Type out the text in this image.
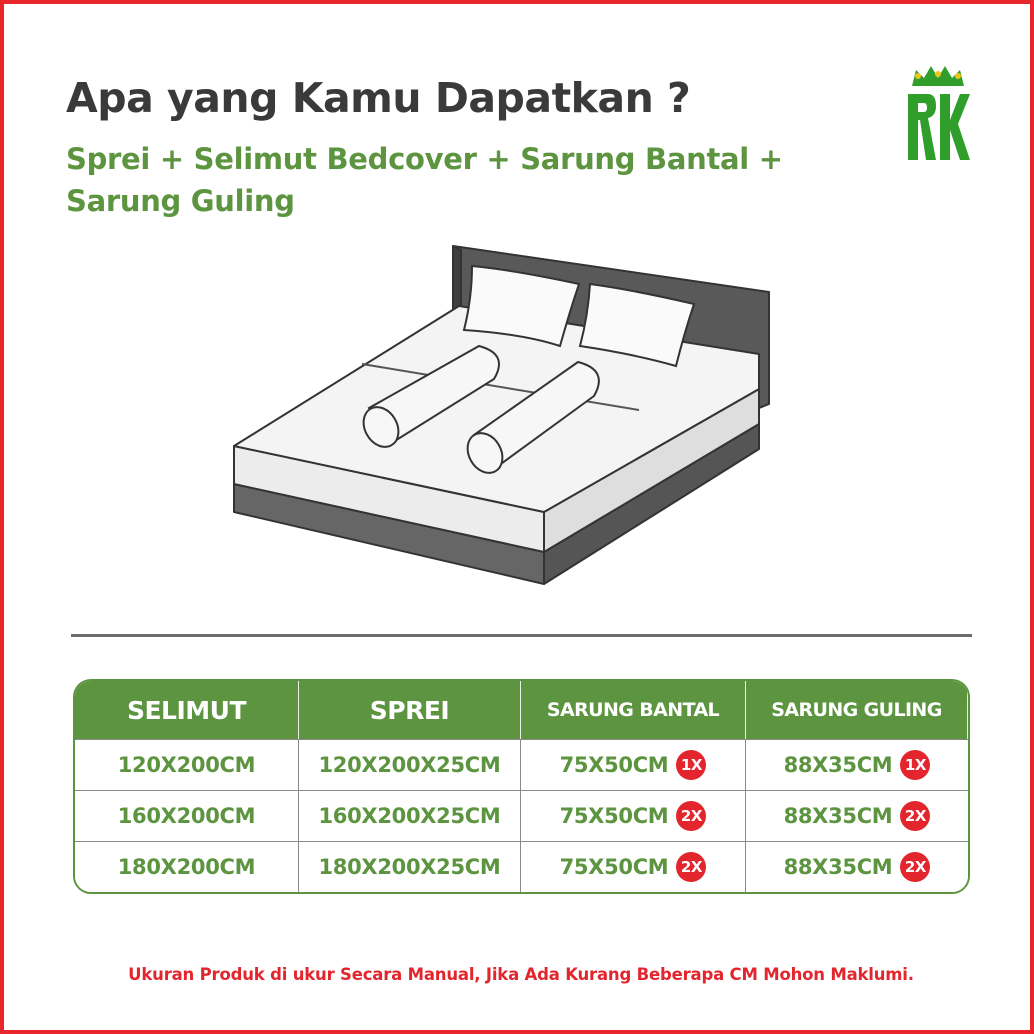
Apa yang Kamu Dapatkan ?

Sprei + Selimut Bedcover + Sarung Bantal + Sarung Guling

SELIMUT	SPREI	SARUNG BANTAL	SARUNG GULING
120X200CM	120X200X25CM	75X50CM 1X	88X35CM 1X
160X200CM	160X200X25CM	75X50CM 2X	88X35CM 2X
180X200CM	180X200X25CM	75X50CM 2X	88X35CM 2X

Ukuran Produk di ukur Secara Manual, Jika Ada Kurang Beberapa CM Mohon Maklumi.
